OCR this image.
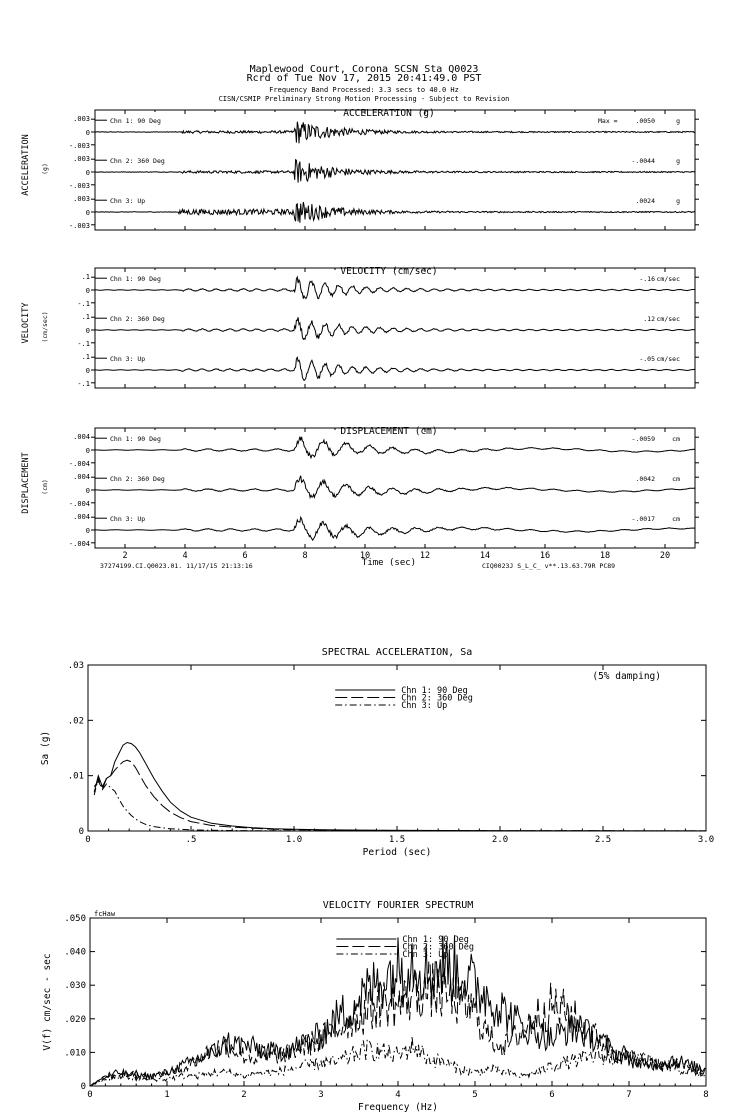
Maplewood Court, Corona SCSN Sta Q0023
Rcrd of Tue Nov 17, 2015 20:41:49.0 PST
Frequency Band Processed: 3.3 secs to 40.0 Hz
CISN/CSMIP Preliminary Strong Motion Processing - Subject to Revision
ACCELERATION (g)
ACCELERATION (g)
.003
0
-.003
Chn 1: 90 Deg	Max =	.0050	g
.003
0
-.003
Chn 2: 360 Deg	-.0044	g
.003
0
-.003
Chn 3: Up	.0024	g
VELOCITY (cm/sec)
VELOCITY (cm/sec)
.1
0
-.1
Chn 1: 90 Deg	-.16 cm/sec
.1
0
-.1
Chn 2: 360 Deg	.12 cm/sec
.1
0
-.1
Chn 3: Up	-.05 cm/sec
DISPLACEMENT (cm)
DISPLACEMENT (cm)
.004
0
-.004
Chn 1: 90 Deg	-.0059	cm
.004
0
-.004
Chn 2: 360 Deg	.0042	cm
.004
0
-.004
Chn 3: Up	-.0017	cm
2	4	6	8	10	12	14	16	18	20
Time (sec)
37274199.CI.Q0023.01. 11/17/15 21:13:16	CIQ0023J S_L_C_ v**.13.63.79R PC89
SPECTRAL ACCELERATION, Sa
Period (sec)
Sa (g)
0	.5	1.0	1.5	2.0	2.5	3.0
0
.01
.02
.03
(5% damping)
Chn 1: 90 Deg
Chn 2: 360 Deg
Chn 3: Up
VELOCITY FOURIER SPECTRUM
Frequency (Hz)
V(f) cm/sec - sec
0	1	2	3	4	5	6	7	8
0
.010
.020
.030
.040
.050 fcHaw
Chn 1: 90 Deg
Chn 2: 360 Deg
Chn 3: Up
